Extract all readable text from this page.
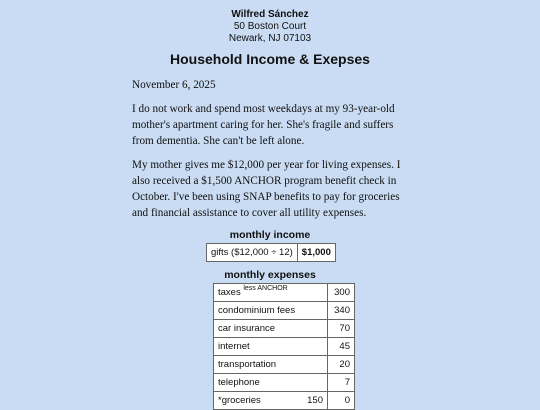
Wilfred Sánchez
50 Boston Court
Newark, NJ 07103
Household Income & Exepses
November 6, 2025
I do not work and spend most weekdays at my 93-year-old mother's apartment caring for her. She's fragile and suffers from dementia. She can't be left alone.
My mother gives me $12,000 per year for living expenses. I also received a $1,500 ANCHOR program benefit check in October. I've been using SNAP benefits to pay for groceries and financial assistance to cover all utility expenses.
monthly income
gifts ($12,000 ÷ 12)	$1,000
monthly expenses
taxes $^{less ANCHOR}$	300
condominium fees	340
car insurance	70
internet	45
transportation	20
telephone	7
*groceries 150	0
